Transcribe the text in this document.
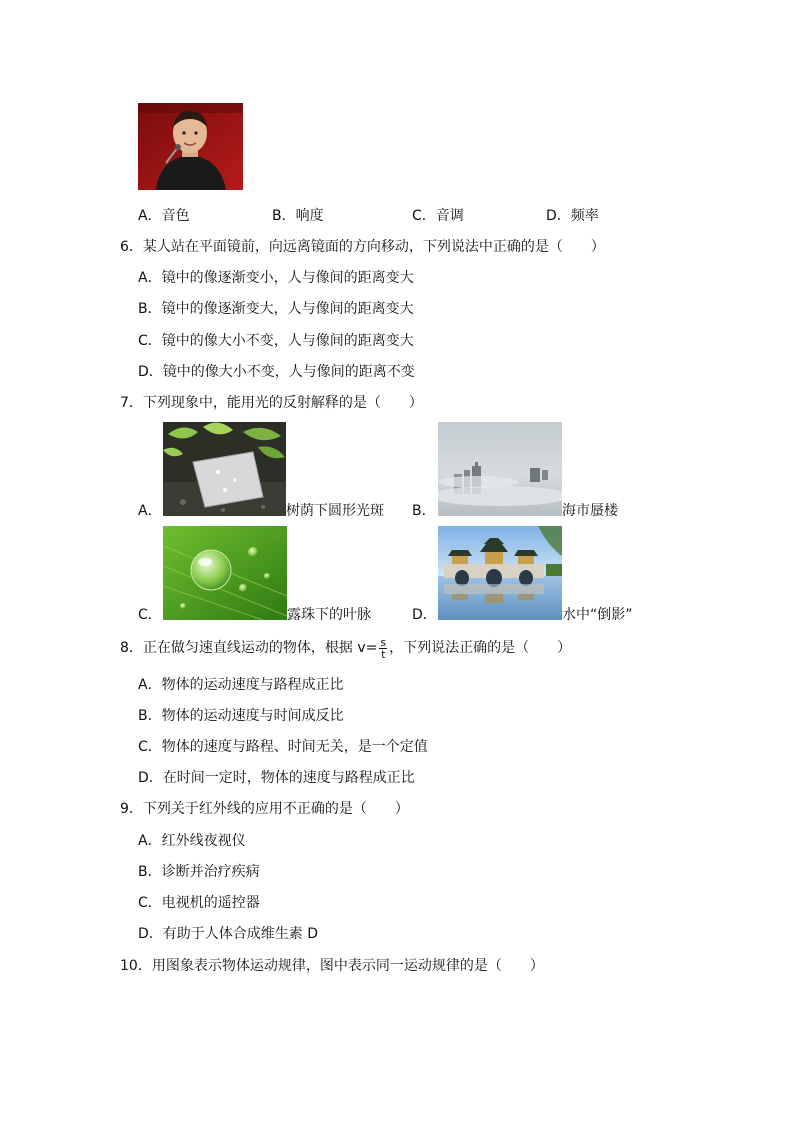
A．音色	B．响度	C．音调	D．频率
6．某人站在平面镜前，向远离镜面的方向移动，下列说法中正确的是（　　）
A．镜中的像逐渐变小，人与像间的距离变大
B．镜中的像逐渐变大，人与像间的距离变大
C．镜中的像大小不变，人与像间的距离变大
D．镜中的像大小不变，人与像间的距离不变
7．下列现象中，能用光的反射解释的是（　　）
A．	树荫下圆形光斑 B．	海市蜃楼
C．	露珠下的叶脉	D．	水中“倒影”
8．正在做匀速直线运动的物体，根据 $v= \frac{s}{t}$ ，下列说法正确的是（　　）
A．物体的运动速度与路程成正比
B．物体的运动速度与时间成反比
C．物体的速度与路程、时间无关，是一个定值
D．在时间一定时，物体的速度与路程成正比
9．下列关于红外线的应用不正确的是（　　）
A．红外线夜视仪
B．诊断并治疗疾病
C．电视机的遥控器
D．有助于人体合成维生素 D
10．用图象表示物体运动规律，图中表示同一运动规律的是（　　）
